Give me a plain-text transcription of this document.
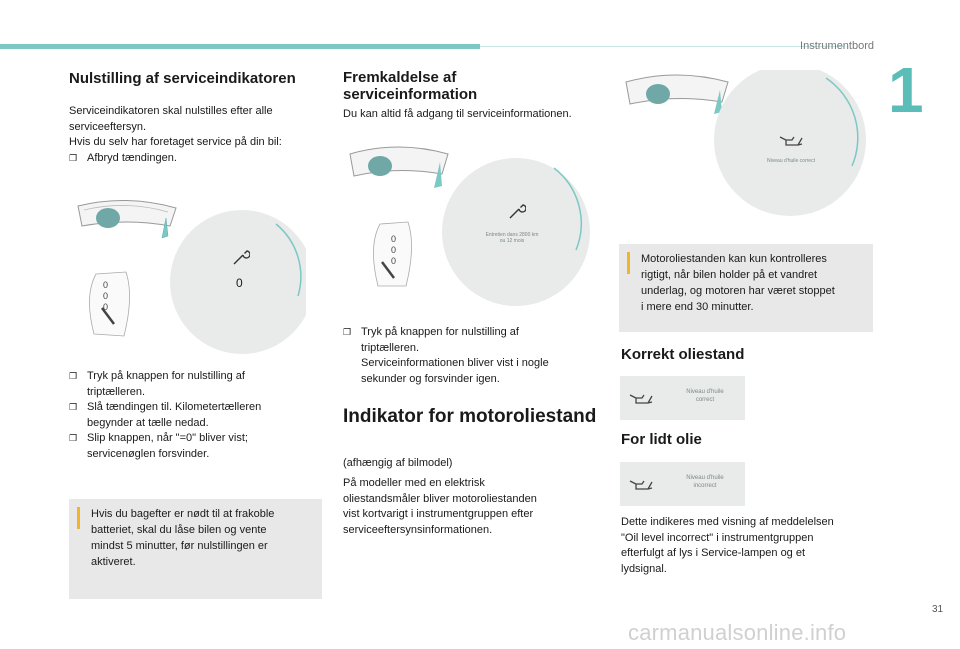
Instrumentbord
1
Nulstilling af serviceindikatoren

Serviceindikatoren skal nulstilles efter alle

serviceeftersyn.

Hvis du selv har foretaget service på din bil:

❒ Afbryd tændingen.
0
0
0
0
❒ Tryk på knappen for nulstilling af
triptælleren.
❒ Slå tændingen til. Kilometertælleren
begynder at tælle nedad.
❒ Slip knappen, når "=0" bliver vist;
servicenøglen forsvinder.
Hvis du bagefter er nødt til at frakoble
batteriet, skal du låse bilen og vente
mindst 5 minutter, før nulstillingen er
aktiveret.
Fremkaldelse af
serviceinformation

Du kan altid få adgang til serviceinformationen.

Entretien dans 2800 km
ou 12 mois
0
0
0
❒ Tryk på knappen for nulstilling af
triptælleren.
Serviceinformationen bliver vist i nogle
sekunder og forsvinder igen.
Indikator for motoroliestand

(afhængig af bilmodel)

På modeller med en elektrisk

oliestandsmåler bliver motoroliestanden

vist kortvarigt i instrumentgruppen efter

serviceeftersynsinformationen.

Niveau d'huile correct
Motoroliestanden kan kun kontrolleres
rigtigt, når bilen holder på et vandret
underlag, og motoren har været stoppet
i mere end 30 minutter.
Korrekt oliestand
Niveau d'huile
correct
For lidt olie
Niveau d'huile
incorrect

Dette indikeres med visning af meddelelsen

"Oil level incorrect" i instrumentgruppen

efterfulgt af lys i Service-lampen og et

lydsignal.

31
carmanualsonline.info
